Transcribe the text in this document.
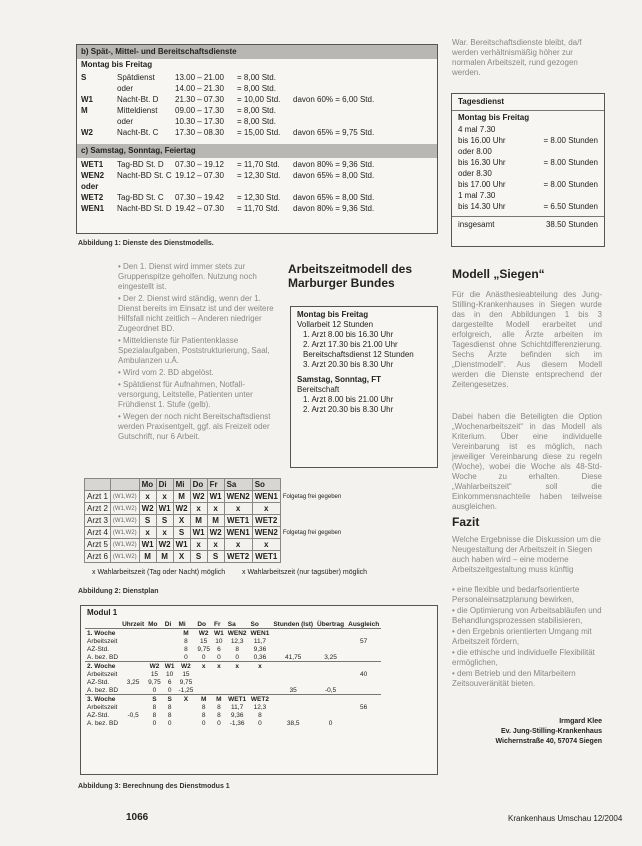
b) Spät-, Mittel- und Bereitschaftsdienste
Montag bis Freitag
S	Spätdienst	13.00 – 21.00	= 8,00 Std.
oder	14.00 – 21.30	= 8,00 Std.
W1	Nacht-Bt. D	21.30 – 07.30	= 10,00 Std.	davon 60% = 6,00 Std.
M	Mitteldienst	09.00 – 17.30	= 8,00 Std.
oder	10.30 – 17.30	= 8,00 Std.
W2	Nacht-Bt. C	17.30 – 08.30	= 15,00 Std.	davon 65% = 9,75 Std.
c) Samstag, Sonntag, Feiertag
WET1	Tag-BD St. D	07.30 – 19.12	= 11,70 Std.	davon 80% = 9,36 Std.
WEN2	Nacht-BD St. C 19.12 – 07.30	= 12,30 Std.	davon 65% = 8,00 Std.
oder
WET2	Tag-BD St. C	07.30 – 19.42	= 12,30 Std.	davon 65% = 8,00 Std.
WEN1	Nacht-BD St. D 19.42 – 07.30	= 11,70 Std.	davon 80% = 9,36 Std.
Abbildung 1: Dienste des Dienstmodells.
War. Bereitschaftsdienste bleibt, da/f werden verhältnismäßig höher zur normalen Arbeitszeit, rund gezogen werden.
Tagesdienst
Montag bis Freitag
4 mal 7.30
bis 16.00 Uhr	= 8.00 Stunden
oder 8.00
bis 16.30 Uhr	= 8.00 Stunden
oder 8.30
bis 17.00 Uhr	= 8.00 Stunden
1 mal 7.30
bis 14.30 Uhr	= 6.50 Stunden
insgesamt	38.50 Stunden
• Den 1. Dienst wird immer stets zur Gruppenspitze geholfen. Nutzung noch eingestellt ist.
• Der 2. Dienst wird ständig, wenn der 1. Dienst bereits im Einsatz ist und der weitere Hilfsfall nicht zeitlich – Anderen niedriger Zugeordnet BD.
• Mitteldienste für Patientenklasse Spezialaufgaben, Poststrukturierung, Saal, Ambulanzen u.Ä.
• Wird vom 2. BD abgelöst.
• Spätdienst für Aufnahmen, Notfall-versorgung, Leitstelle, Patienten unter Frühdienst 1. Stufe (gelb).
• Wegen der noch nicht Bereitschaftsdienst werden Praxisentgelt, ggf. als Freizeit oder Gutschrift, nur 6 Arbeit.
Arbeitszeitmodell des Marburger Bundes
Montag bis Freitag
Vollarbeit 12 Stunden
1. Arzt 8.00 bis 16.30 Uhr
2. Arzt 17.30 bis 21.00 Uhr
Bereitschaftsdienst 12 Stunden
3. Arzt 20.30 bis 8.30 Uhr
Samstag, Sonntag, FT
Bereitschaft
1. Arzt 8.00 bis 21.00 Uhr
2. Arzt 20.30 bis 8.30 Uhr
Modell „Siegen“
Für die Anästhesieabteilung des Jung-Stilling-Krankenhauses in Siegen wurde das in den Abbildungen 1 bis 3 dargestellte Modell erarbeitet und erfolgreich, alle Ärzte arbeiten im Tagesdienst ohne Schichtdifferenzierung. Sechs Ärzte befinden sich im „Dienstmodell“. Aus diesem Modell werden die Dienste entsprechend der Zeitengesetzes.
Dabei haben die Beteiligten die Option „Wochenarbeitszeit“ in das Modell als Kriterium. Über eine individuelle Vereinbarung ist es möglich, nach jeweiliger Vereinbarung diese zu regeln (Woche), wobei die Woche als 48-Std-Woche zu erhalten. Diese „Wahlarbeitszeit“ soll die Einkommensnachteile haben teilweise ausgleichen.
Fazit
Welche Ergebnisse die Diskussion um die Neugestaltung der Arbeitszeit in Siegen auch haben wird – eine moderne Arbeitszeitgestaltung muss künftig
• eine flexible und bedarfsorientierte Personaleinsatzplanung bewirken,
• die Optimierung von Arbeitsabläufen und Behandlungsprozessen stabilisieren,
• den Ergebnis orientierten Umgang mit Arbeitszeit fördern,
• die ethische und individuelle Flexibilität ermöglichen,
• dem Betrieb und den Mitarbeitern Zeitsouveränität bieten.
Irmgard Klee
Ev. Jung-Stilling-Krankenhaus
Wichernstraße 40, 57074 Siegen
		Mo	Di	Mi	Do	Fr	Sa	So	
Arzt 1	(W1,W2)	x	x	M	W2	W1	WEN2	WEN1	Folgetag frei gegeben
Arzt 2	(W1,W2)	W2	W1	W2	x	x	x	x	
Arzt 3	(W1,W2)	S	S	X	M	M	WET1	WET2	
Arzt 4	(W1,W2)	x	x	S	W1	W2	WEN1	WEN2	Folgetag frei gegeben
Arzt 5	(W1,W2)	W1	W2	W1	x	x	x	x	
Arzt 6	(W1,W2)	M	M	X	S	S	WET2	WET1	
x Wahlarbeitszeit (Tag oder Nacht) möglich x Wahlarbeitszeit (nur tagsüber) möglich
Abbildung 2: Dienstplan
Modul 1
	Uhrzeit	Mo	Di	Mi	Do	Fr	Sa	So	Stunden (Ist)	Übertrag	Ausgleich
1. Woche				M	W2	W1	WEN2	WEN1			
Arbeitszeit				8	15	10	12,3	11,7			57
AZ-Std.				8	9,75	6	8	9,36			
A. bez. BD				0	0	0	0	0,36	41,75	3,25	
2. Woche		W2	W1	W2	x	x	x	x			
Arbeitszeit		15	10	15							40
AZ-Std.	3,25	9,75	6	9,75							
A. bez. BD		0	0	-1,25					35	-0,5	
3. Woche		S	S	X	M	M	WET1	WET2			
Arbeitszeit		8	8		8	8	11,7	12,3			56
AZ-Std.	-0,5	8	8		8	8	9,36	8			
A. bez. BD		0	0		0	0	-1,36	0	38,5	0	
Abbildung 3: Berechnung des Dienstmodus 1
1066	Krankenhaus Umschau 12/2004
